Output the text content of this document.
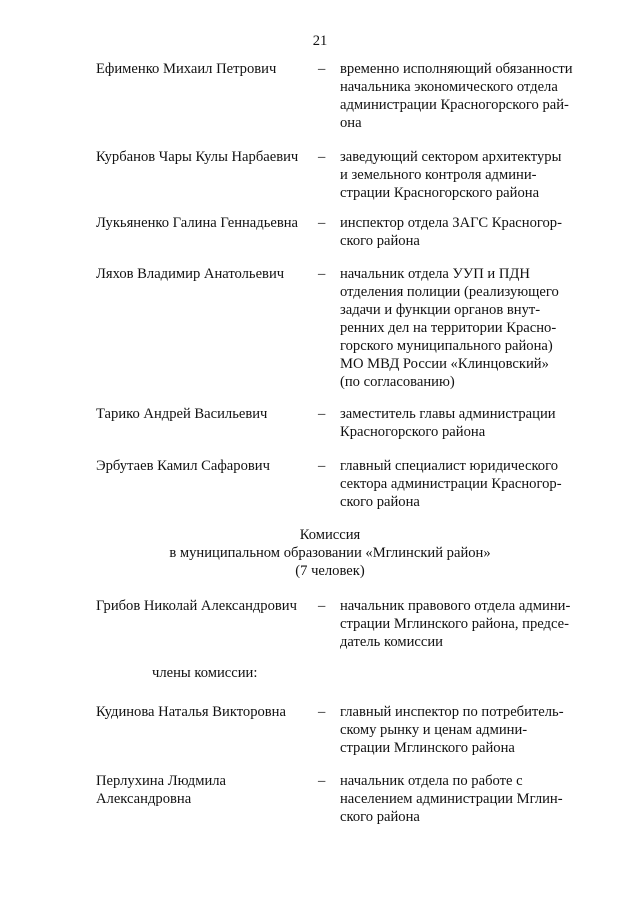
21
Ефименко Михаил Петрович	– временно исполняющий обязанности
начальника экономического отдела
администрации Красногорского рай-
она
Курбанов Чары Кулы Нарбаевич	– заведующий сектором архитектуры
и земельного контроля админи-
страции Красногорского района
Лукьяненко Галина Геннадьевна	– инспектор отдела ЗАГС Красногор-
ского района
Ляхов Владимир Анатольевич	– начальник отдела УУП и ПДН
отделения полиции (реализующего
задачи и функции органов внут-
ренних дел на территории Красно-
горского муниципального района)
МО МВД России «Клинцовский»
(по согласованию)
Тарико Андрей Васильевич	– заместитель главы администрации
Красногорского района
Эрбутаев Камил Сафарович	– главный специалист юридического
сектора администрации Красногор-
ского района
Комиссия
в муниципальном образовании «Мглинский район»
(7 человек)
Грибов Николай Александрович	– начальник правового отдела админи-
страции Мглинского района, предсе-
датель комиссии
члены комиссии:
Кудинова Наталья Викторовна	– главный инспектор по потребитель-
скому рынку и ценам админи-
страции Мглинского района
Перлухина Людмила
Александровна
– начальник отдела по работе с
населением администрации Мглин-
ского района
